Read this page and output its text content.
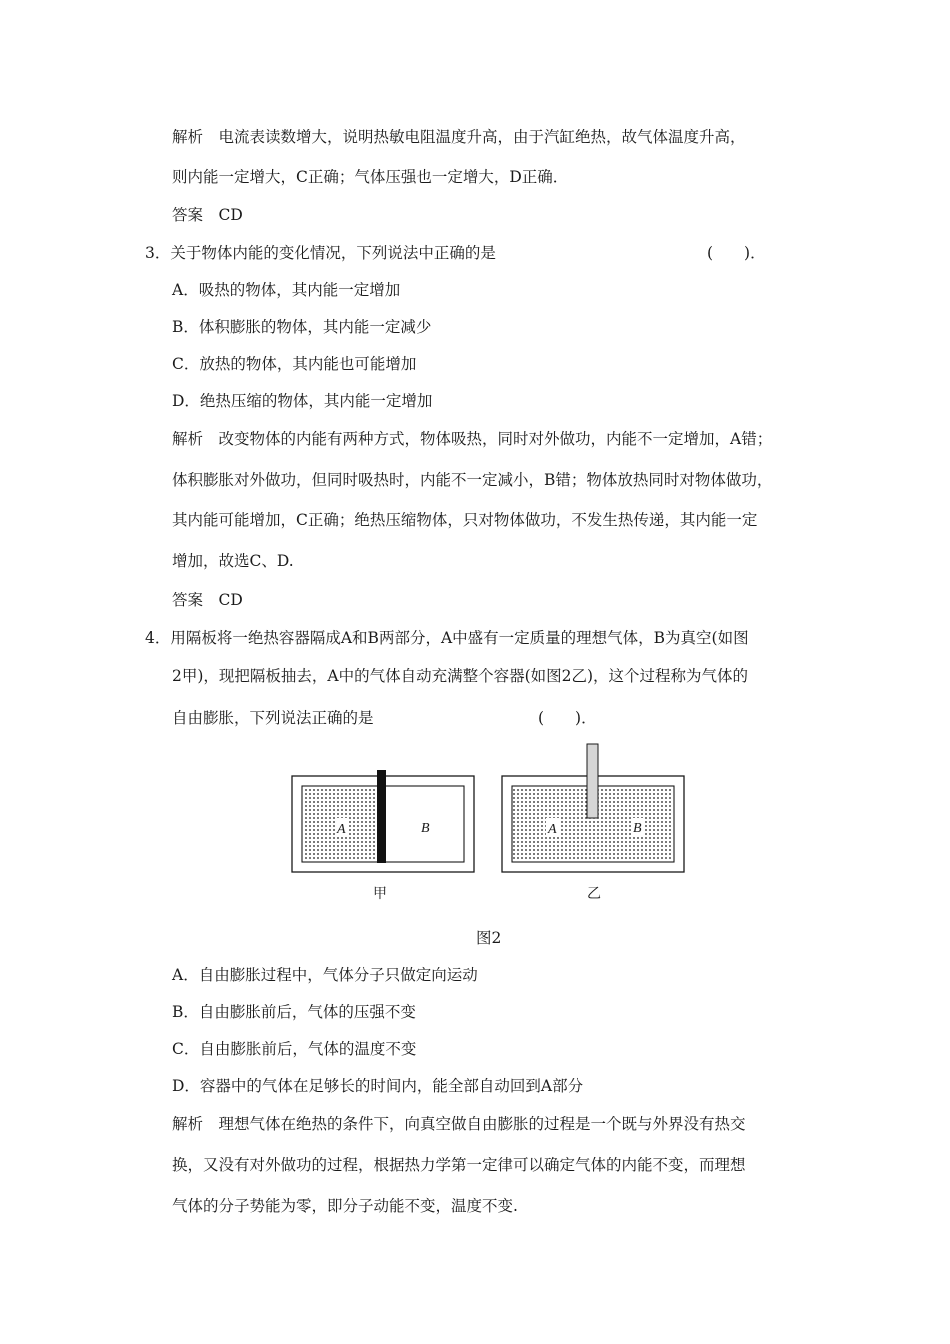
解析　电流表读数增大，说明热敏电阻温度升高，由于汽缸绝热，故气体温度升高，
则内能一定增大，C正确；气体压强也一定增大，D正确．
答案　CD
3．关于物体内能的变化情况，下列说法中正确的是	(　　)．
A．吸热的物体，其内能一定增加
B．体积膨胀的物体，其内能一定减少
C．放热的物体，其内能也可能增加
D．绝热压缩的物体，其内能一定增加
解析　改变物体的内能有两种方式，物体吸热，同时对外做功，内能不一定增加，A错；
体积膨胀对外做功，但同时吸热时，内能不一定减小，B错；物体放热同时对物体做功，
其内能可能增加，C正确；绝热压缩物体，只对物体做功，不发生热传递，其内能一定
增加，故选C、D.
答案　CD
4．用隔板将一绝热容器隔成A和B两部分，A中盛有一定质量的理想气体，B为真空(如图
2甲)，现把隔板抽去，A中的气体自动充满整个容器(如图2乙)，这个过程称为气体的
自由膨胀，下列说法正确的是	(　　)．
A	B	A	B
甲	乙
图2
A．自由膨胀过程中，气体分子只做定向运动
B．自由膨胀前后，气体的压强不变
C．自由膨胀前后，气体的温度不变
D．容器中的气体在足够长的时间内，能全部自动回到A部分
解析　理想气体在绝热的条件下，向真空做自由膨胀的过程是一个既与外界没有热交
换，又没有对外做功的过程，根据热力学第一定律可以确定气体的内能不变，而理想
气体的分子势能为零，即分子动能不变，温度不变.
